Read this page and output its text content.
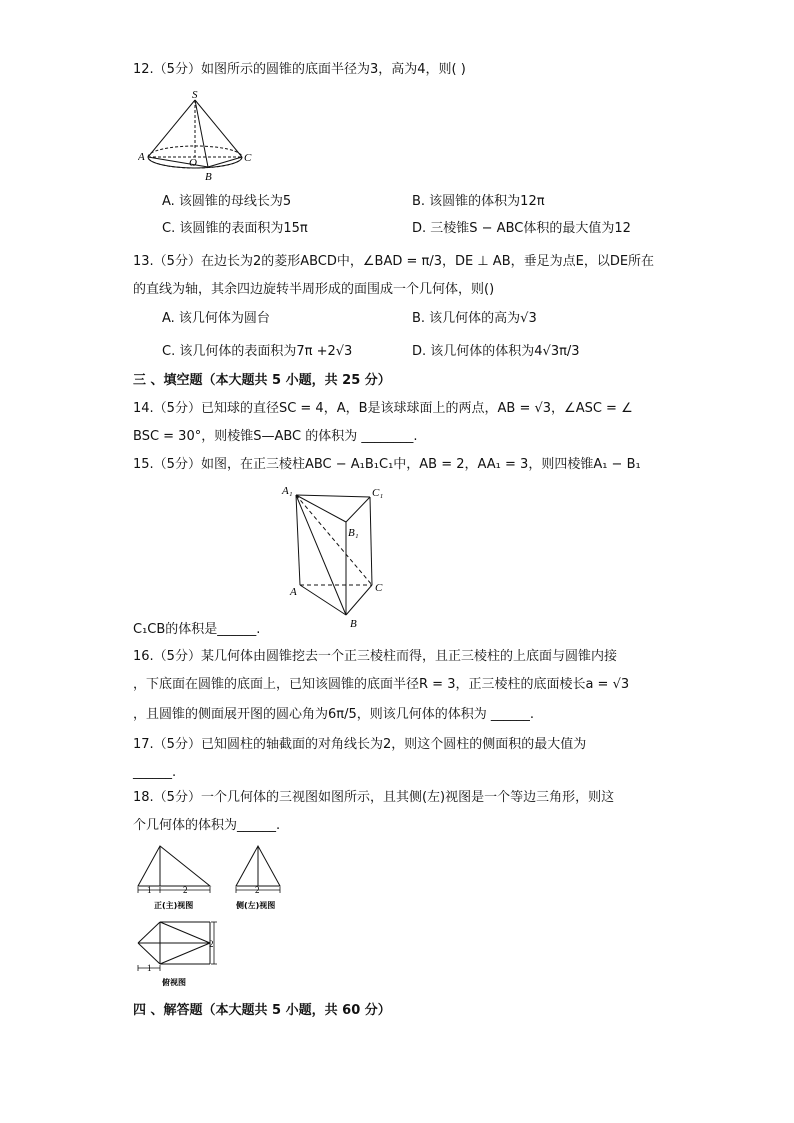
12.（5分）如图所示的圆锥的底面半径为3，高为4，则( )
S
A	O
B
C
A. 该圆锥的母线长为5	B. 该圆锥的体积为12π
C. 该圆锥的表面积为15π	D. 三棱锥S − ABC体积的最大值为12
13.（5分）在边长为2的菱形ABCD中，∠BAD = π/3，DE ⊥ AB，垂足为点E，以DE所在
的直线为轴，其余四边旋转半周形成的面围成一个几何体，则()
A. 该几何体为圆台	B. 该几何体的高为√3
C. 该几何体的表面积为7π +2√3	D. 该几何体的体积为4√3π/3
三 、填空题（本大题共 5 小题，共 25 分）
14.（5分）已知球的直径SC = 4，A，B是该球球面上的两点，AB = √3，∠ASC = ∠
BSC = 30°，则棱锥S—ABC 的体积为 ________.
15.（5分）如图，在正三棱柱ABC − A₁B₁C₁中，AB = 2，AA₁ = 3，则四棱锥A₁ − B₁
A₁	C₁
B₁
A	C
B
C₁CB的体积是______.
16.（5分）某几何体由圆锥挖去一个正三棱柱而得，且正三棱柱的上底面与圆锥内接
，下底面在圆锥的底面上，已知该圆锥的底面半径R = 3，正三棱柱的底面棱长a = √3
，且圆锥的侧面展开图的圆心角为6π/5，则该几何体的体积为 ______.
17.（5分）已知圆柱的轴截面的对角线长为2，则这个圆柱的侧面积的最大值为
______.
18.（5分）一个几何体的三视图如图所示，且其侧(左)视图是一个等边三角形，则这
个几何体的体积为______.
1	2
正(主)视图
2
侧(左)视图
2
1
俯视图
四 、解答题（本大题共 5 小题，共 60 分）
